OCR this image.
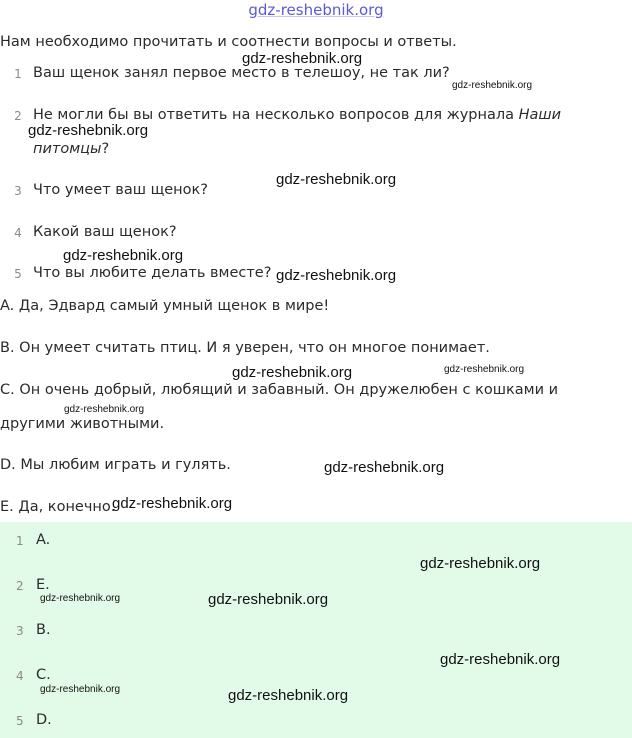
gdz-reshebnik.org
Нам необходимо прочитать и соотнести вопросы и ответы.
1 Ваш щенок занял первое место в телешоу, не так ли?
2 Не могли бы вы ответить на несколько вопросов для журнала Наши
питомцы?
3 Что умеет ваш щенок?
4 Какой ваш щенок?
5 Что вы любите делать вместе?
A. Да, Эдвард самый умный щенок в мире!
B. Он умеет считать птиц. И я уверен, что он многое понимает.
C. Он очень добрый, любящий и забавный. Он дружелюбен с кошками и
другими животными.
D. Мы любим играть и гулять.
E. Да, конечно.
1 A.
2 E.
3 B.
4 C.
5 D.
gdz-reshebnik.org
gdz-reshebnik.org
gdz-reshebnik.org
gdz-reshebnik.org
gdz-reshebnik.org
gdz-reshebnik.org
gdz-reshebnik.org	gdz-reshebnik.org
gdz-reshebnik.org
gdz-reshebnik.org
gdz-reshebnik.org
gdz-reshebnik.org
gdz-reshebnik.org	gdz-reshebnik.org
gdz-reshebnik.org
gdz-reshebnik.org	gdz-reshebnik.org
